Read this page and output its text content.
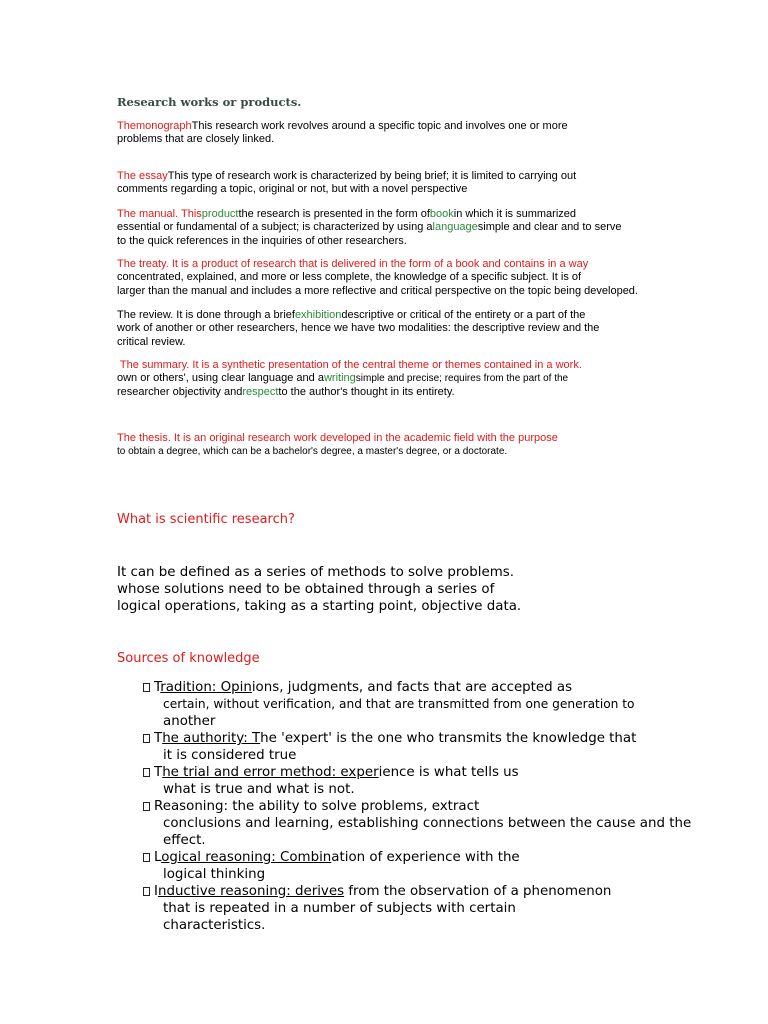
Research works or products.
ThemonographThis research work revolves around a specific topic and involves one or more
problems that are closely linked.
The essayThis type of research work is characterized by being brief; it is limited to carrying out
comments regarding a topic, original or not, but with a novel perspective
The manual. Thisproductthe research is presented in the form ofbookin which it is summarized
essential or fundamental of a subject; is characterized by using alanguagesimple and clear and to serve
to the quick references in the inquiries of other researchers.
The treaty. It is a product of research that is delivered in the form of a book and contains in a way
concentrated, explained, and more or less complete, the knowledge of a specific subject. It is of
larger than the manual and includes a more reflective and critical perspective on the topic being developed.
The review. It is done through a briefexhibitiondescriptive or critical of the entirety or a part of the
work of another or other researchers, hence we have two modalities: the descriptive review and the
critical review.
The summary. It is a synthetic presentation of the central theme or themes contained in a work.
own or others', using clear language and awritingsimple and precise; requires from the part of the
researcher objectivity andrespectto the author's thought in its entirety.
The thesis. It is an original research work developed in the academic field with the purpose
to obtain a degree, which can be a bachelor's degree, a master's degree, or a doctorate.
What is scientific research?
It can be defined as a series of methods to solve problems.
whose solutions need to be obtained through a series of
logical operations, taking as a starting point, objective data.
Sources of knowledge
Tradition: Opinions, judgments, and facts that are accepted as
certain, without verification, and that are transmitted from one generation to
another
The authority: The 'expert' is the one who transmits the knowledge that
it is considered true
The trial and error method: experience is what tells us
what is true and what is not.
Reasoning: the ability to solve problems, extract
conclusions and learning, establishing connections between the cause and the
effect.
Logical reasoning: Combination of experience with the
logical thinking
Inductive reasoning: derives from the observation of a phenomenon
that is repeated in a number of subjects with certain
characteristics.
